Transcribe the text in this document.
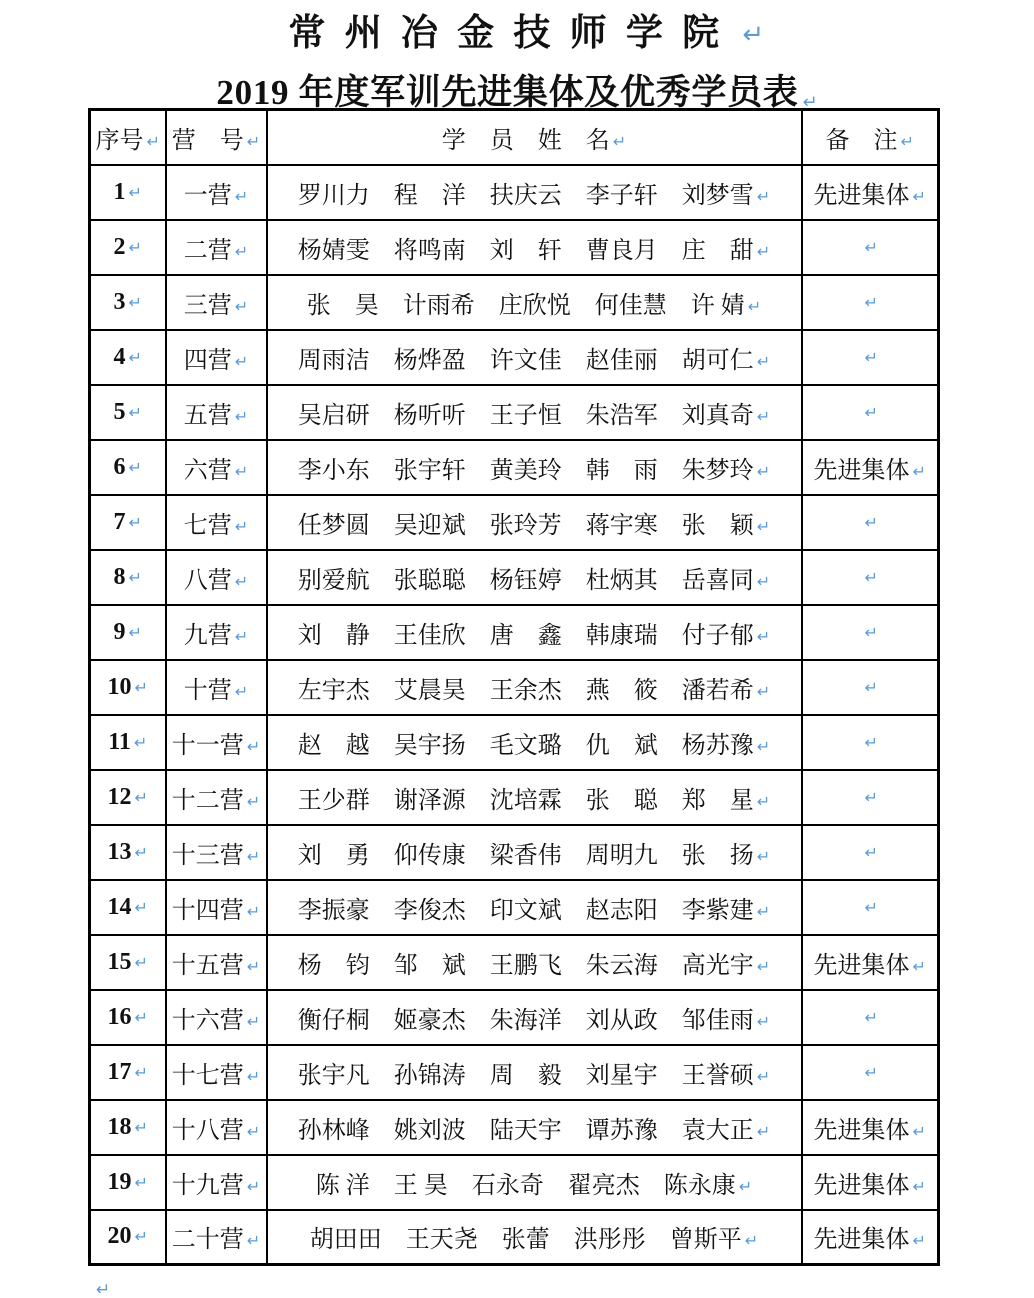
常州冶金技师学院 ↵
2019 年度军训先进集体及优秀学员表 ↵
序号 ↵	营　号 ↵	学　员　姓　名 ↵	备　注 ↵
1 ↵	一营 ↵	罗川力　程　洋　扶庆云　李子轩　刘梦雪 ↵	先进集体 ↵
2 ↵	二营 ↵	杨婧雯　将鸣南　刘　轩　曹良月　庄　甜 ↵	↵
3 ↵	三营 ↵	张　昊　计雨希　庄欣悦　何佳慧　许 婧 ↵	↵
4 ↵	四营 ↵	周雨洁　杨烨盈　许文佳　赵佳丽　胡可仁 ↵	↵
5 ↵	五营 ↵	吴启研　杨听听　王子恒　朱浩军　刘真奇 ↵	↵
6 ↵	六营 ↵	李小东　张宇轩　黄美玲　韩　雨　朱梦玲 ↵	先进集体 ↵
7 ↵	七营 ↵	任梦圆　吴迎斌　张玲芳　蒋宇寒　张　颖 ↵	↵
8 ↵	八营 ↵	别爱航　张聪聪　杨钰婷　杜炳其　岳喜同 ↵	↵
9 ↵	九营 ↵	刘　静　王佳欣　唐　鑫　韩康瑞　付子郁 ↵	↵
10 ↵	十营 ↵	左宇杰　艾晨昊　王余杰　燕　筱　潘若希 ↵	↵
11 ↵	十一营 ↵	赵　越　吴宇扬　毛文璐　仇　斌　杨苏豫 ↵	↵
12 ↵	十二营 ↵	王少群　谢泽源　沈培霖　张　聪　郑　星 ↵	↵
13 ↵	十三营 ↵	刘　勇　仰传康　梁香伟　周明九　张　扬 ↵	↵
14 ↵	十四营 ↵	李振豪　李俊杰　印文斌　赵志阳　李紫建 ↵	↵
15 ↵	十五营 ↵	杨　钧　邹　斌　王鹏飞　朱云海　高光宇 ↵	先进集体 ↵
16 ↵	十六营 ↵	衡仔桐　姬豪杰　朱海洋　刘从政　邹佳雨 ↵	↵
17 ↵	十七营 ↵	张宇凡　孙锦涛　周　毅　刘星宇　王誉硕 ↵	↵
18 ↵	十八营 ↵	孙林峰　姚刘波　陆天宇　谭苏豫　袁大正 ↵	先进集体 ↵
19 ↵	十九营 ↵	陈 洋　王 昊　石永奇　翟亮杰　陈永康 ↵	先进集体 ↵
20 ↵	二十营 ↵	胡田田　王天尧　张蕾　洪彤彤　曾斯平 ↵	先进集体 ↵
↵
